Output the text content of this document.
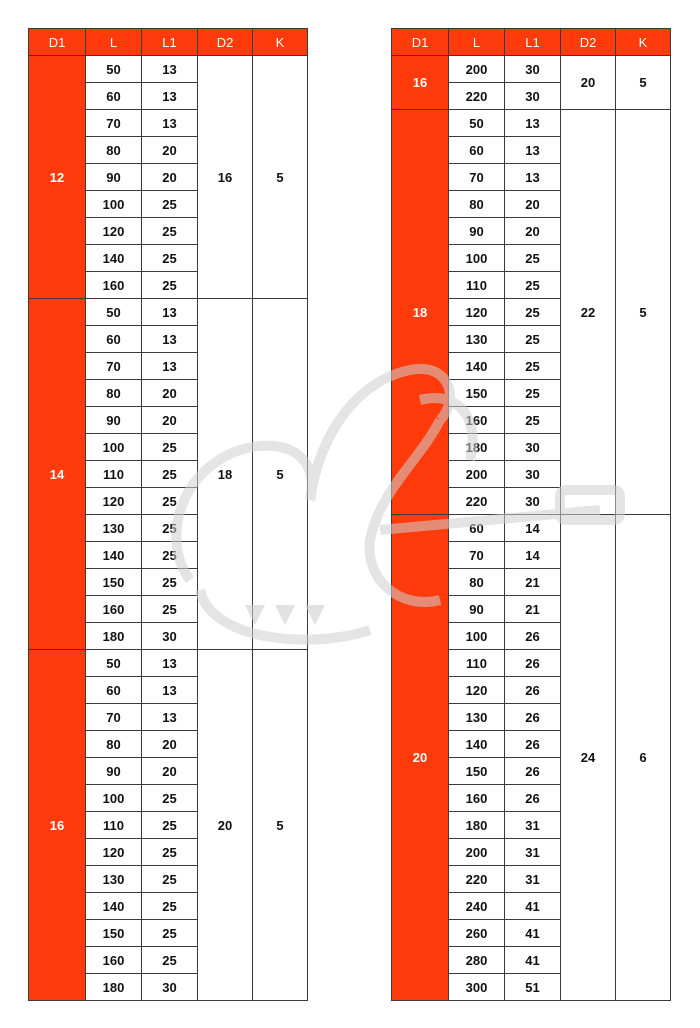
D1	L	L1	D2	K
12	50	13	16	5
	60	13		
	70	13		
	80	20		
	90	20		
	100	25		
	120	25		
	140	25		
	160	25		
14	50	13	18	5
	60	13		
	70	13		
	80	20		
	90	20		
	100	25		
	110	25		
	120	25		
	130	25		
	140	25		
	150	25		
	160	25		
	180	30		
16	50	13	20	5
	60	13		
	70	13		
	80	20		
	90	20		
	100	25		
	110	25		
	120	25		
	130	25		
	140	25		
	150	25		
	160	25		
	180	30		
D1	L	L1	D2	K
16	200	30	20	5
	220	30		
18	50	13	22	5
	60	13		
	70	13		
	80	20		
	90	20		
	100	25		
	110	25		
	120	25		
	130	25		
	140	25		
	150	25		
	160	25		
	180	30		
	200	30		
	220	30		
20	60	14	24	6
	70	14		
	80	21		
	90	21		
	100	26		
	110	26		
	120	26		
	130	26		
	140	26		
	150	26		
	160	26		
	180	31		
	200	31		
	220	31		
	240	41		
	260	41		
	280	41		
	300	51		
